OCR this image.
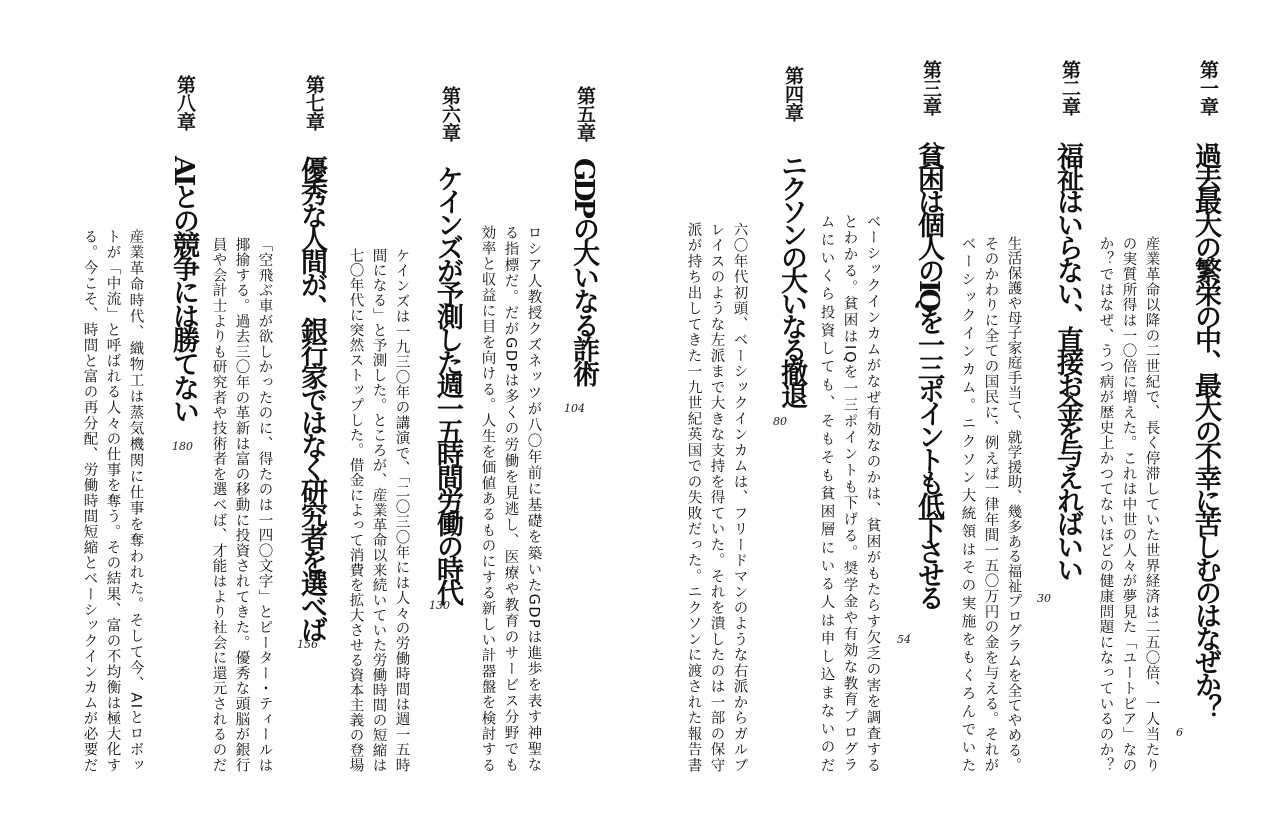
第一章
過去最大の繁栄の中、最大の不幸に苦しむのはなぜか？
6
産業革命以降の二世紀で、長く停滞していた世界経済は二五〇倍、一人当たり
の実質所得は一〇倍に増えた。これは中世の人々が夢見た「ユートピア」なの
か？ではなぜ、うつ病が歴史上かつてないほどの健康問題になっているのか？
第二章
福祉はいらない、直接お金を与えればいい
30
生活保護や母子家庭手当て、就学援助、幾多ある福祉プログラムを全てやめる。
そのかわりに全ての国民に、例えば一律年間一五〇万円の金を与える。それが
ベーシックインカム。ニクソン大統領はその実施をもくろんでいた
第三章
貧困は個人のIQを一三ポイントも低下させる
54
ベーシックインカムがなぜ有効なのかは、貧困がもたらす欠乏の害を調査する
とわかる。貧困はIQを一三ポイントも下げる。奨学金や有効な教育プログラ
ムにいくら投資しても、そもそも貧困層にいる人は申し込まないのだ
第四章
ニクソンの大いなる撤退
80
六〇年代初頭、ベーシックインカムは、フリードマンのような右派からガルブ
レイスのような左派まで大きな支持を得ていた。それを潰したのは一部の保守
派が持ち出してきた一九世紀英国での失敗だった。ニクソンに渡された報告書
第五章
GDPの大いなる詐術
104
ロシア人教授クズネッツが八〇年前に基礎を築いたGDPは進歩を表す神聖な
る指標だ。だがGDPは多くの労働を見逃し、医療や教育のサービス分野でも
効率と収益に目を向ける。人生を価値あるものにする新しい計器盤を検討する
第六章
ケインズが予測した週一五時間労働の時代
130
ケインズは一九三〇年の講演で、「二〇三〇年には人々の労働時間は週一五時
間になる」と予測した。ところが、産業革命以来続いていた労働時間の短縮は
七〇年代に突然ストップした。借金によって消費を拡大させる資本主義の登場
第七章
優秀な人間が、銀行家ではなく研究者を選べば
156
「空飛ぶ車が欲しかったのに、得たのは一四〇文字」とピーター・ティールは
揶揄する。過去三〇年の革新は富の移動に投資されてきた。優秀な頭脳が銀行
員や会計士よりも研究者や技術者を選べば、才能はより社会に還元されるのだ
第八章
AIとの競争には勝てない
180
産業革命時代、織物工は蒸気機関に仕事を奪われた。そして今、AIとロボッ
トが「中流」と呼ばれる人々の仕事を奪う。その結果、富の不均衡は極大化す
る。今こそ、時間と富の再分配、労働時間短縮とベーシックインカムが必要だ
